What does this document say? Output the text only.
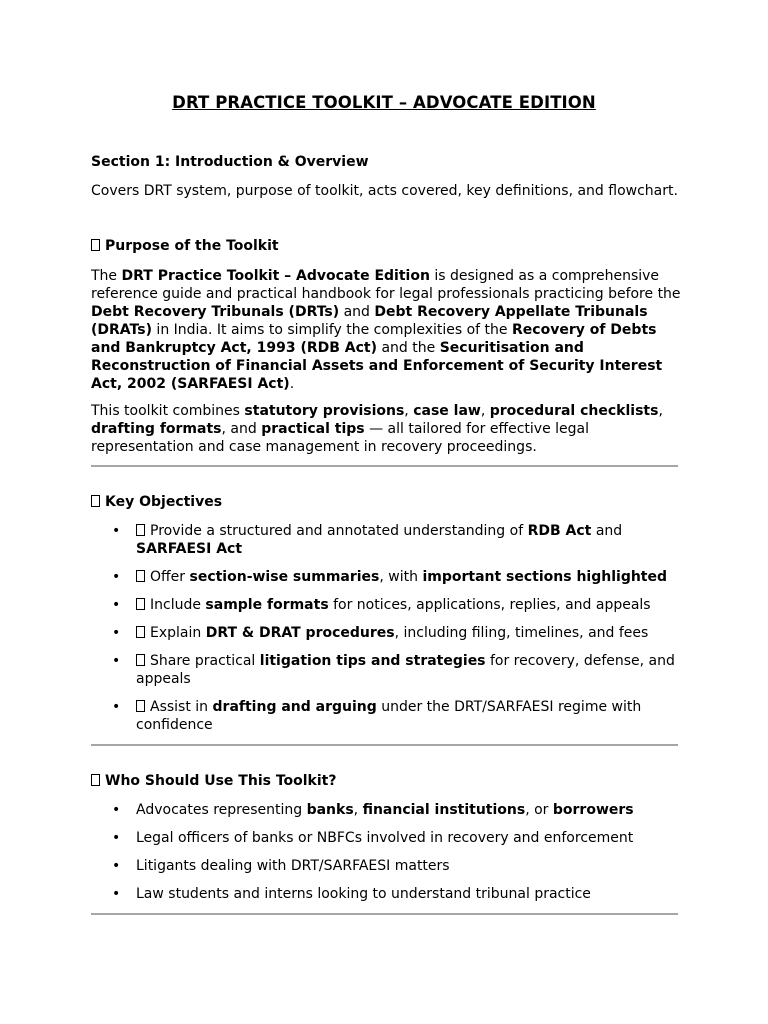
DRT PRACTICE TOOLKIT – ADVOCATE EDITION
Section 1: Introduction & Overview
Covers DRT system, purpose of toolkit, acts covered, key definitions, and flowchart.
Purpose of the Toolkit
The DRT Practice Toolkit – Advocate Edition is designed as a comprehensive reference guide and practical handbook for legal professionals practicing before the Debt Recovery Tribunals (DRTs) and Debt Recovery Appellate Tribunals (DRATs) in India. It aims to simplify the complexities of the Recovery of Debts and Bankruptcy Act, 1993 (RDB Act) and the Securitisation and Reconstruction of Financial Assets and Enforcement of Security Interest Act, 2002 (SARFAESI Act).
This toolkit combines statutory provisions, case law, procedural checklists, drafting formats, and practical tips — all tailored for effective legal representation and case management in recovery proceedings.
Key Objectives
• Provide a structured and annotated understanding of RDB Act and SARFAESI Act
• Offer section-wise summaries, with important sections highlighted
• Include sample formats for notices, applications, replies, and appeals
• Explain DRT & DRAT procedures, including filing, timelines, and fees
• Share practical litigation tips and strategies for recovery, defense, and appeals
• Assist in drafting and arguing under the DRT/SARFAESI regime with confidence
Who Should Use This Toolkit?
• Advocates representing banks, financial institutions, or borrowers
• Legal officers of banks or NBFCs involved in recovery and enforcement
• Litigants dealing with DRT/SARFAESI matters
• Law students and interns looking to understand tribunal practice
